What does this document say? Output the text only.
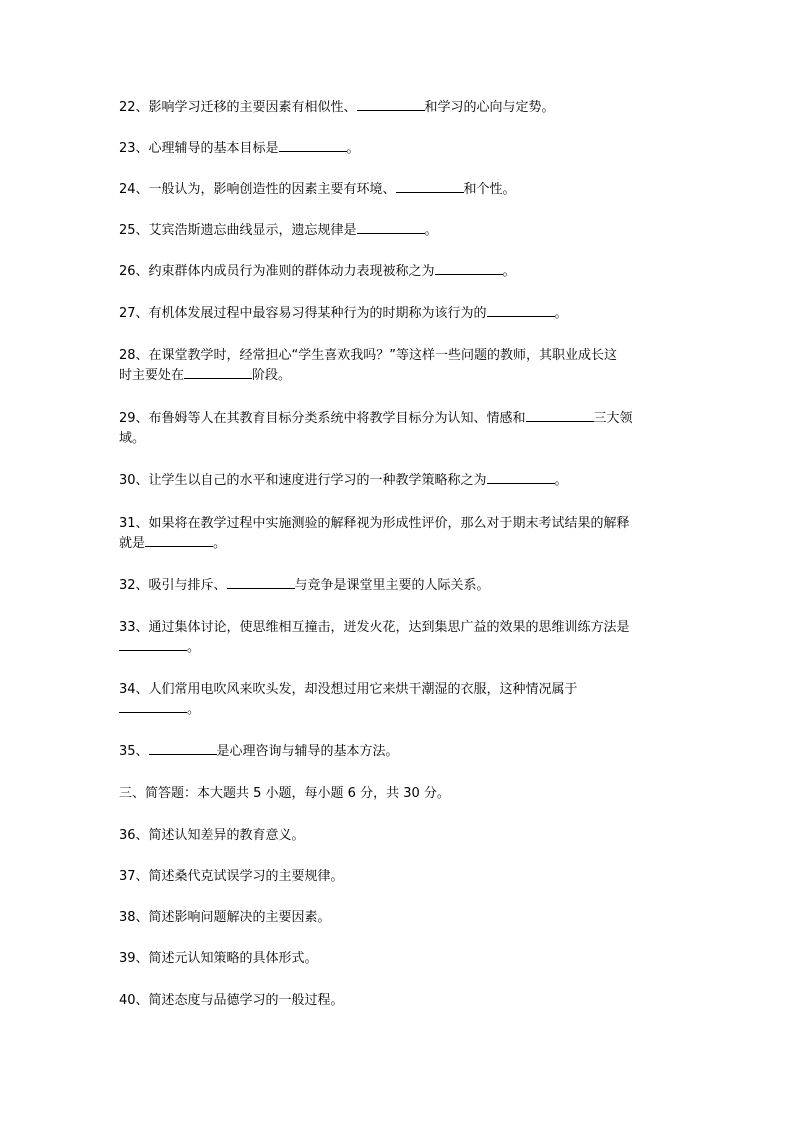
22、影响学习迁移的主要因素有相似性、	和学习的心向与定势。
23、心理辅导的基本目标是	。
24、一般认为，影响创造性的因素主要有环境、	和个性。
25、艾宾浩斯遗忘曲线显示，遗忘规律是	。
26、约束群体内成员行为准则的群体动力表现被称之为	。
27、有机体发展过程中最容易习得某种行为的时期称为该行为的	。
28、在课堂教学时，经常担心“学生喜欢我吗？”等这样一些问题的教师，其职业成长这
时主要处在	阶段。
29、布鲁姆等人在其教育目标分类系统中将教学目标分为认知、情感和	三大领
域。
30、让学生以自己的水平和速度进行学习的一种教学策略称之为	。
31、如果将在教学过程中实施测验的解释视为形成性评价，那么对于期末考试结果的解释
就是	。
32、吸引与排斥、	与竞争是课堂里主要的人际关系。
33、通过集体讨论，使思维相互撞击，迸发火花，达到集思广益的效果的思维训练方法是
。
34、人们常用电吹风来吹头发，却没想过用它来烘干潮湿的衣服，这种情况属于
。
35、	是心理咨询与辅导的基本方法。
三、简答题：本大题共 5 小题，每小题 6 分，共 30 分。
36、简述认知差异的教育意义。
37、简述桑代克试误学习的主要规律。
38、简述影响问题解决的主要因素。
39、简述元认知策略的具体形式。
40、简述态度与品德学习的一般过程。
